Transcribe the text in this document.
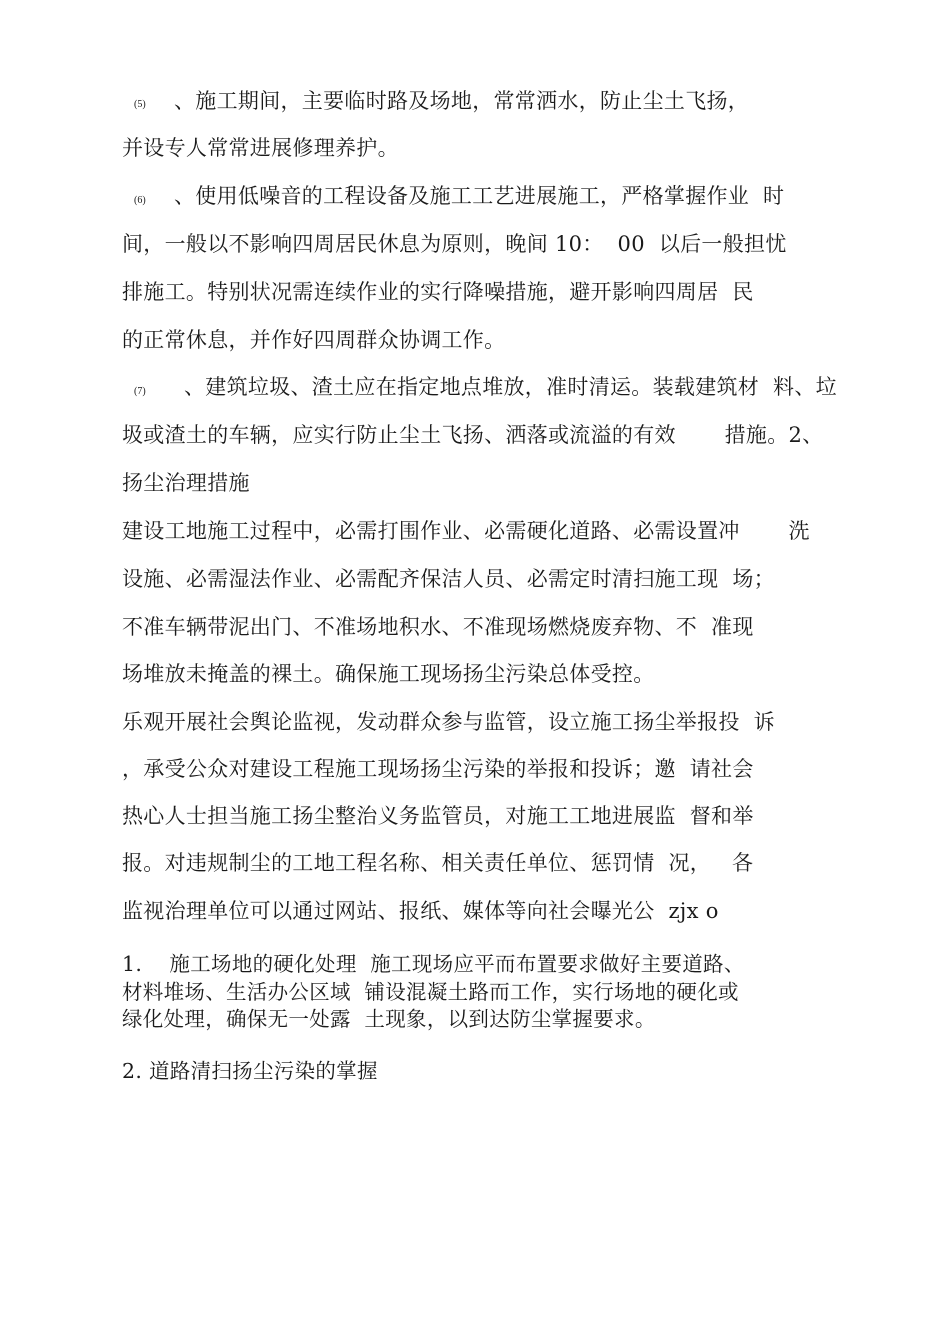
(5) 、施工期间，主要临时路及场地，常常洒水，防止尘土飞扬，
并设专人常常进展修理养护。
(6) 、使用低噪音的工程设备及施工工艺进展施工，严格掌握作业  时
间，一般以不影响四周居民休息为原则，晚间 10：  00  以后一般担忧
排施工。特别状况需连续作业的实行降噪措施，避开影响四周居  民
的正常休息，并作好四周群众协调工作。
(7) 、建筑垃圾、渣土应在指定地点堆放，准时清运。装载建筑材  料、垃
圾或渣土的车辆，应实行防止尘土飞扬、洒落或流溢的有效       措施。2、
扬尘治理措施
建设工地施工过程中，必需打围作业、必需硬化道路、必需设置冲       洗
设施、必需湿法作业、必需配齐保洁人员、必需定时清扫施工现  场；
不准车辆带泥出门、不准场地积水、不准现场燃烧废弃物、不  准现
场堆放未掩盖的裸土。确保施工现场扬尘污染总体受控。
乐观开展社会舆论监视，发动群众参与监管，设立施工扬尘举报投  诉
，承受公众对建设工程施工现场扬尘污染的举报和投诉；邀  请社会
热心人士担当施工扬尘整治义务监管员，对施工工地进展监  督和举
报。对违规制尘的工地工程名称、相关责任单位、惩罚情  况，   各
监视治理单位可以通过网站、报纸、媒体等向社会曝光公  zjx o
1.    施工场地的硬化处理  施工现场应平而布置要求做好主要道路、
材料堆场、生活办公区域  铺设混凝土路而工作，实行场地的硬化或
绿化处理，确保无一处露  土现象，以到达防尘掌握要求。
2. 道路清扫扬尘污染的掌握
